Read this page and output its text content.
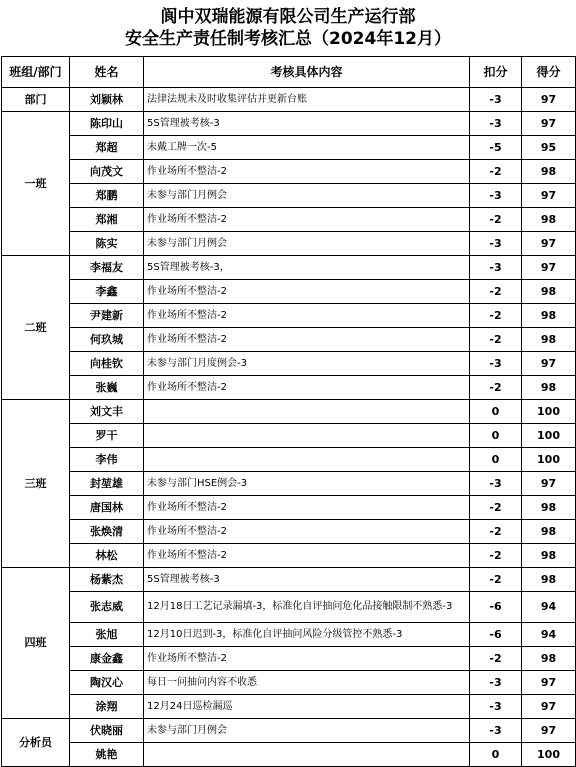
阆中双瑞能源有限公司生产运行部
安全生产责任制考核汇总（2024年12月）
班组/部门	姓名	考核具体内容	扣分	得分
部门	刘颖林	法律法规未及时收集评估并更新台账	-3	97
一班	陈印山	5S管理被考核-3	-3	97
	郑超	未戴工牌一次-5	-5	95
	向茂文	作业场所不整洁-2	-2	98
	郑鹏	未参与部门月例会	-3	97
	郑湘	作业场所不整洁-2	-2	98
	陈实	未参与部门月例会	-3	97
二班	李福友	5S管理被考核-3，	-3	97
	李鑫	作业场所不整洁-2	-2	98
	尹建新	作业场所不整洁-2	-2	98
	何玖城	作业场所不整洁-2	-2	98
	向桂钦	未参与部门月度例会-3	-3	97
	张巍	作业场所不整洁-2	-2	98
三班	刘文丰		0	100
	罗干		0	100
	李伟		0	100
	封堃雄	未参与部门HSE例会-3	-3	97
	唐国林	作业场所不整洁-2	-2	98
	张焕清	作业场所不整洁-2	-2	98
	林松	作业场所不整洁-2	-2	98
四班	杨紫杰	5S管理被考核-3	-2	98
	张志威	12月18日工艺记录漏填-3，标准化自评抽问危化品接触限制不熟悉-3	-6	94
	张旭	12月10日迟到-3，标准化自评抽问风险分级管控不熟悉-3	-6	94
	康金鑫	作业场所不整洁-2	-2	98
	陶汉心	每日一问抽问内容不收悉	-3	97
	涂翔	12月24日巡检漏巡	-3	97
分析员	伏晓丽	未参与部门月例会	-3	97
	姚艳		0	100
